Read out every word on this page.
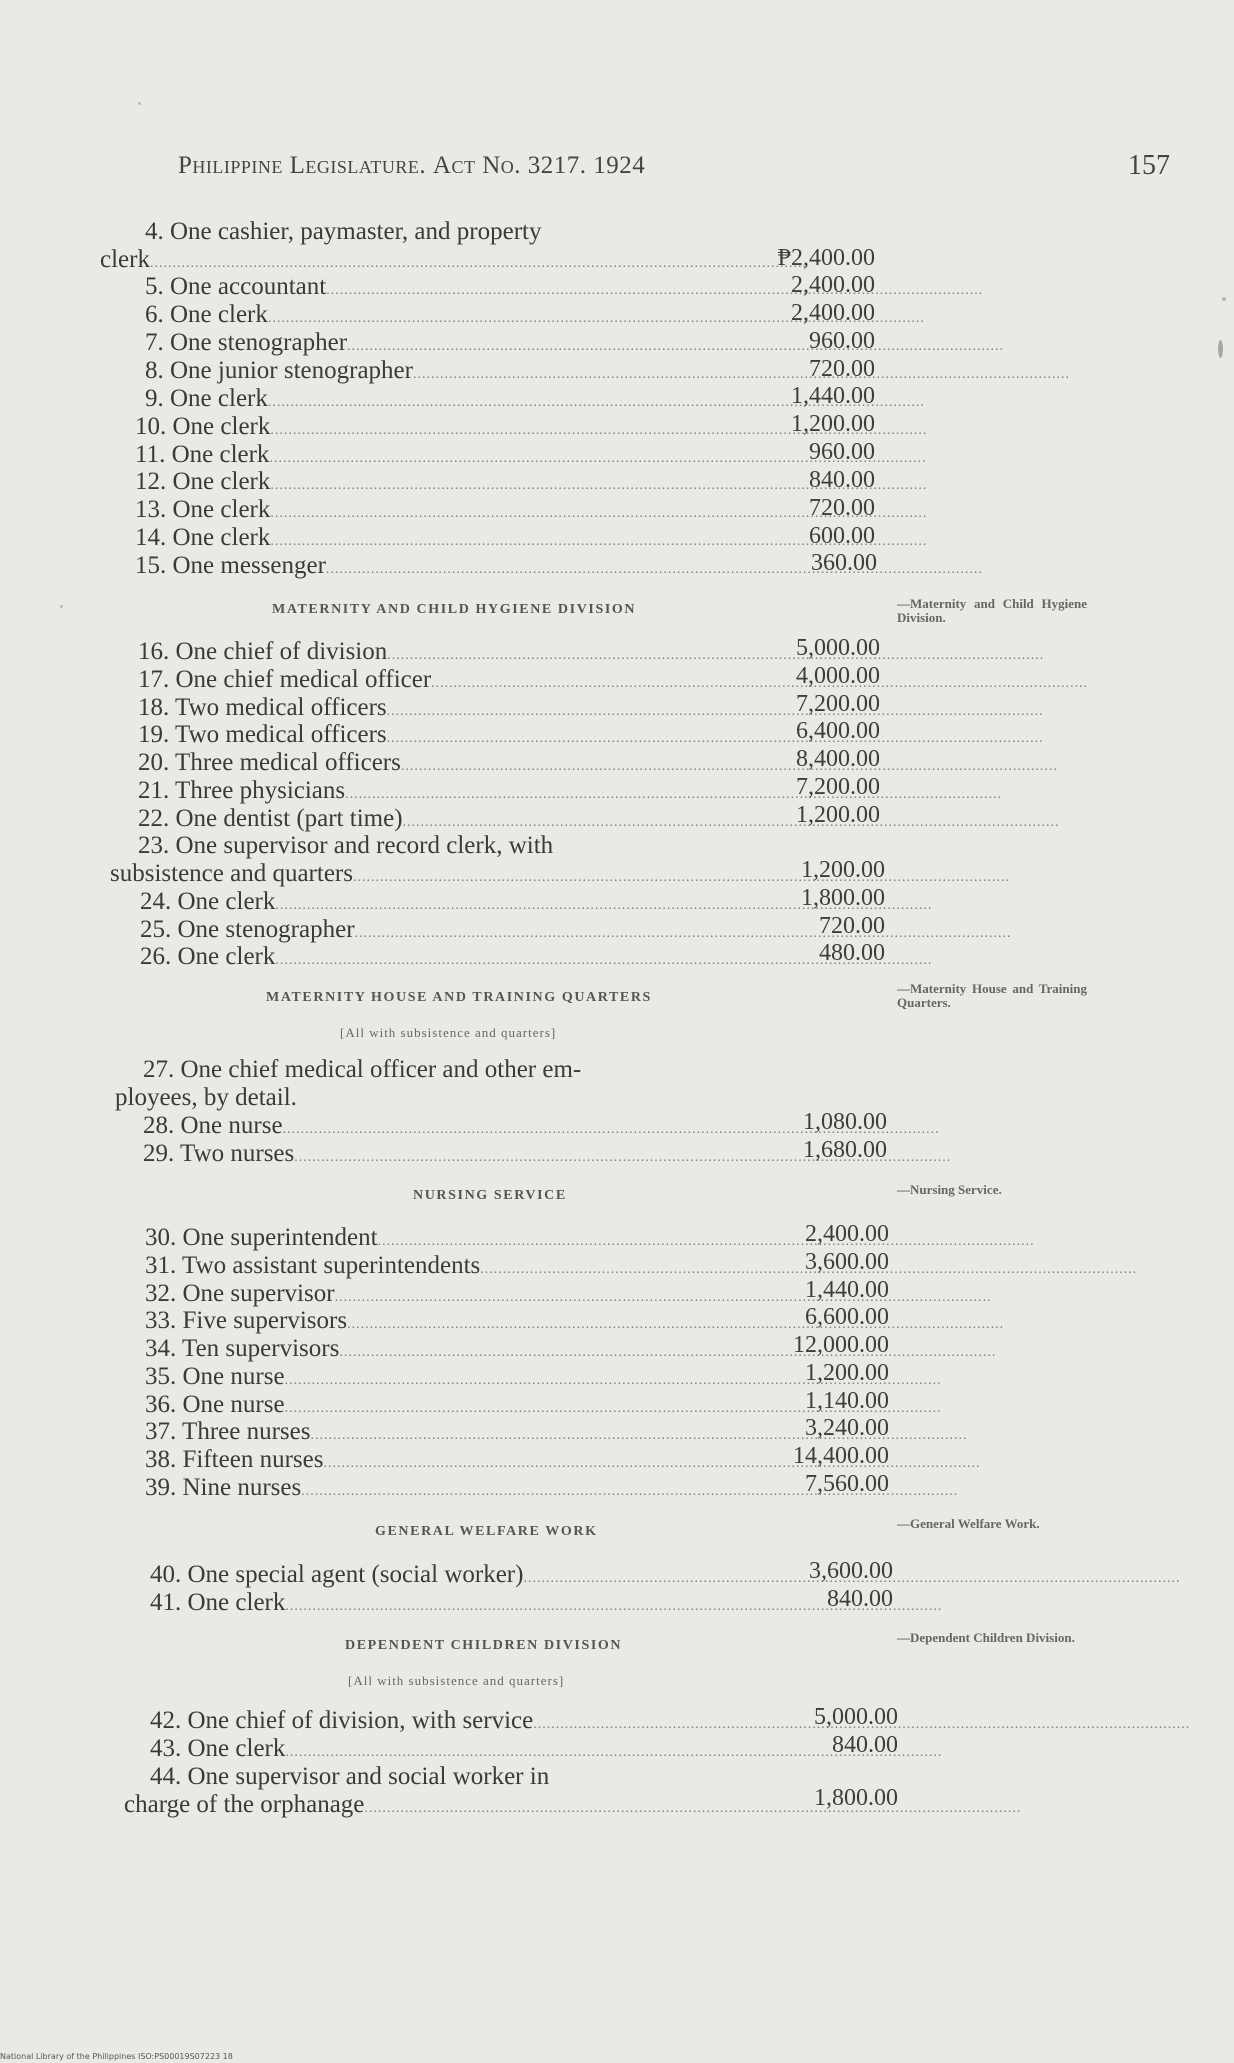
Philippine Legislature. Act No. 3217. 1924	157
4. One cashier, paymaster, and property
clerk .....	₱2,400.00
5. One accountant .....	2,400.00
6. One clerk .....	2,400.00
7. One stenographer .....	960.00
8. One junior stenographer .....	720.00
9. One clerk .....	1,440.00
10. One clerk .....	1,200.00
11. One clerk .....	960.00
12. One clerk .....	840.00
13. One clerk .....	720.00
14. One clerk .....	600.00
15. One messenger .....	360.00
MATERNITY AND CHILD HYGIENE DIVISION	—Maternity and Child Hygiene Division.
16. One chief of division .....	5,000.00
17. One chief medical officer .....	4,000.00
18. Two medical officers .....	7,200.00
19. Two medical officers .....	6,400.00
20. Three medical officers .....	8,400.00
21. Three physicians .....	7,200.00
22. One dentist (part time) .....	1,200.00
23. One supervisor and record clerk, with
subsistence and quarters .....	1,200.00
24. One clerk .....	1,800.00
25. One stenographer .....	720.00
26. One clerk .....	480.00
MATERNITY HOUSE AND TRAINING QUARTERS
[All with subsistence and quarters]
—Maternity House and Training Quarters.
27. One chief medical officer and other em-
ployees, by detail.
28. One nurse .....	1,080.00
29. Two nurses .....	1,680.00
NURSING SERVICE	—Nursing Service.
30. One superintendent .....	2,400.00
31. Two assistant superintendents .....	3,600.00
32. One supervisor .....	1,440.00
33. Five supervisors .....	6,600.00
34. Ten supervisors .....	12,000.00
35. One nurse .....	1,200.00
36. One nurse .....	1,140.00
37. Three nurses .....	3,240.00
38. Fifteen nurses .....	14,400.00
39. Nine nurses .....	7,560.00
GENERAL WELFARE WORK
—General Welfare Work.
40. One special agent (social worker) .....	3,600.00
41. One clerk .....	840.00
DEPENDENT CHILDREN DIVISION
[All with subsistence and quarters]
—Dependent Children Division.
42. One chief of division, with service .....	5,000.00
43. One clerk .....	840.00
44. One supervisor and social worker in
charge of the orphanage .....	1,800.00
National Library of the Philippines ISO:PS00019S07223 18
